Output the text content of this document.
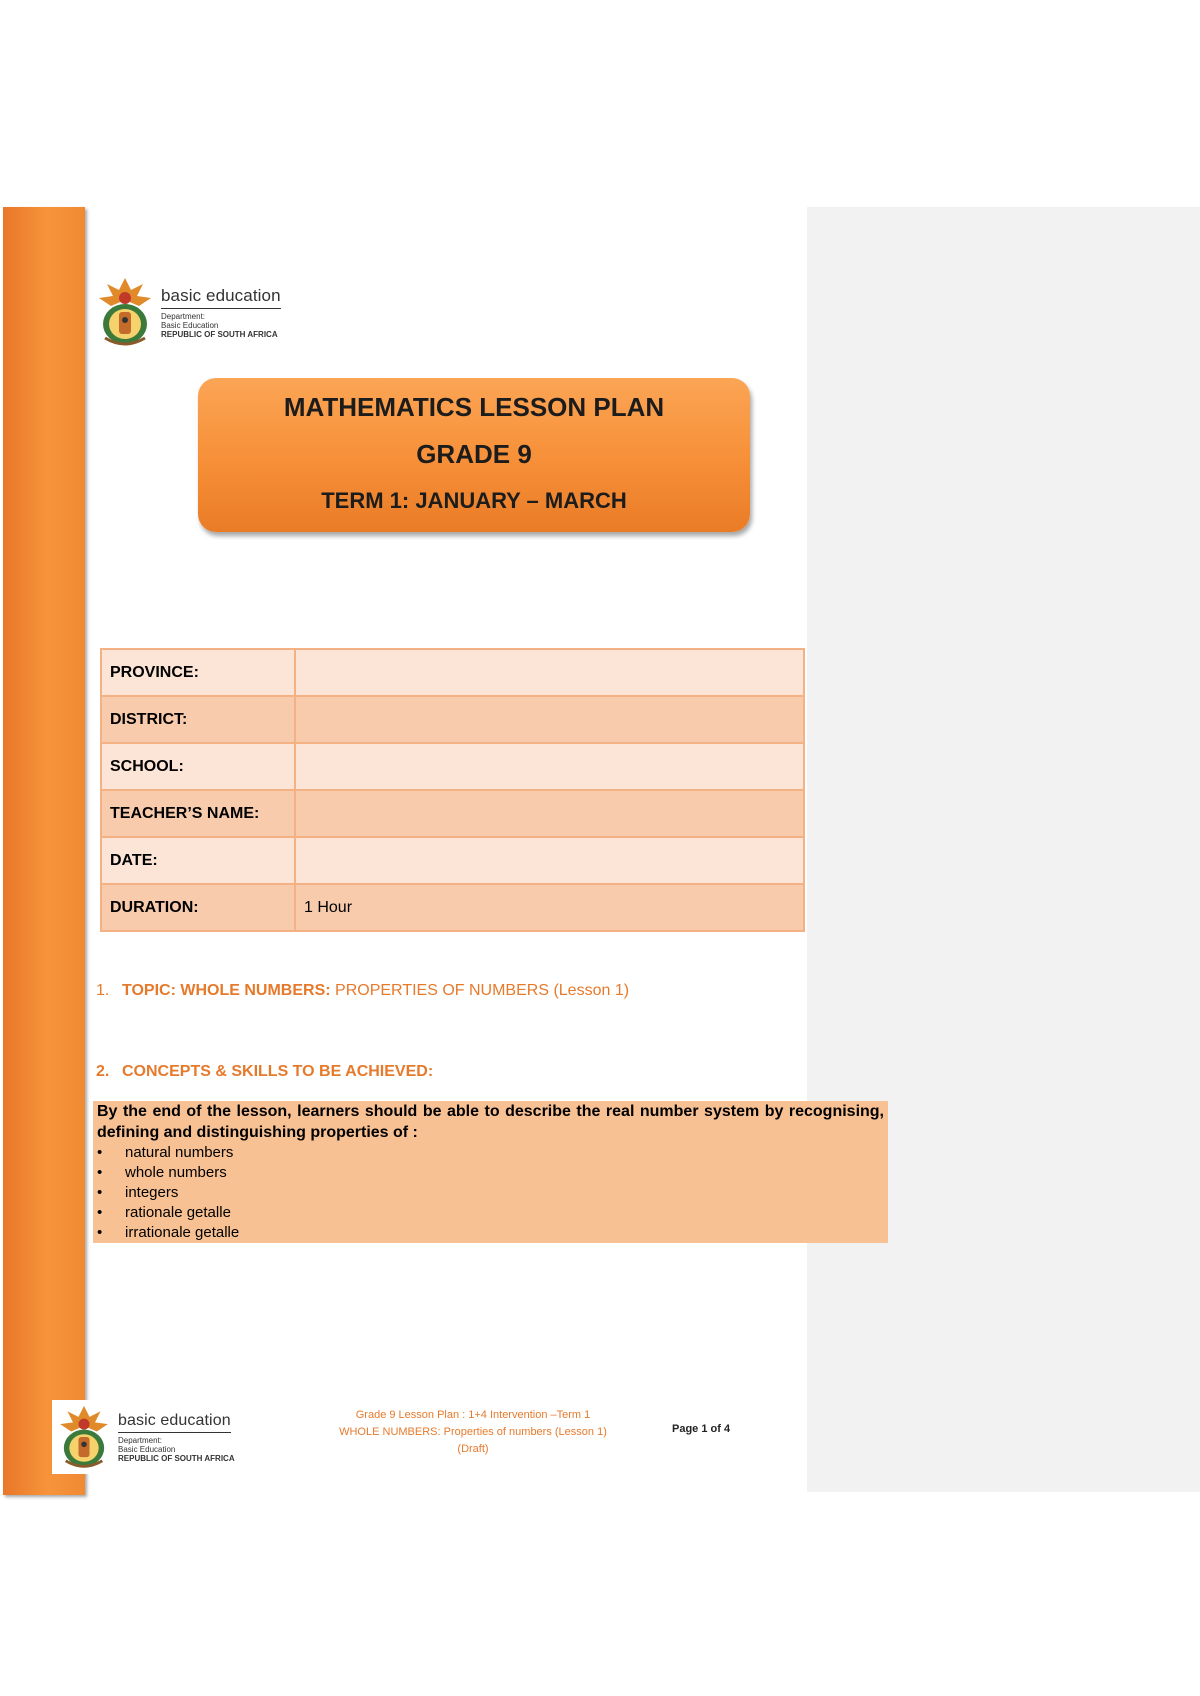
basic education
Department:
Basic Education
REPUBLIC OF SOUTH AFRICA
MATHEMATICS LESSON PLAN
GRADE 9
TERM 1: JANUARY – MARCH
PROVINCE:	
DISTRICT:	
SCHOOL:	
TEACHER’S NAME:	
DATE:	
DURATION:	1 Hour
1. TOPIC: WHOLE NUMBERS: PROPERTIES OF NUMBERS (Lesson 1)
2. CONCEPTS & SKILLS TO BE ACHIEVED:

By the end of the lesson, learners should be able to describe the real number system by recognising, defining and distinguishing properties of :

• natural numbers
• whole numbers
• integers
• rationale getalle
• irrationale getalle
basic education
Department:
Basic Education
REPUBLIC OF SOUTH AFRICA
Grade 9 Lesson Plan : 1+4 Intervention –Term 1
WHOLE NUMBERS: Properties of numbers (Lesson 1)
(Draft)
Page 1 of 4
